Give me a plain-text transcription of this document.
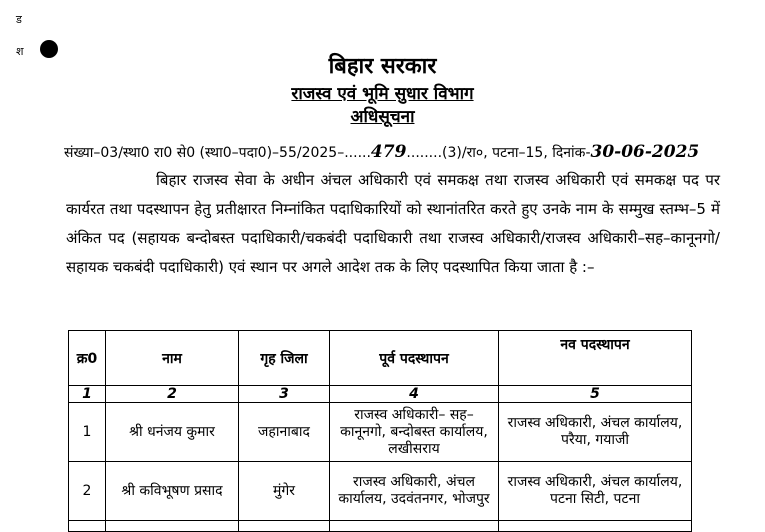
ड
श
बिहार सरकार
राजस्व एवं भूमि सुधार विभाग
अधिसूचना
संख्या–03/स्था0 रा0 से0 (स्था0–पदा0)–55/2025–......479........(3)/रा०, पटना–15, दिनांक-30-06-2025
बिहार राजस्व सेवा के अधीन अंचल अधिकारी एवं समकक्ष तथा राजस्व अधिकारी एवं समकक्ष पद पर कार्यरत तथा पदस्थापन हेतु प्रतीक्षारत निम्नांकित पदाधिकारियों को स्थानांतरित करते हुए उनके नाम के सम्मुख स्तम्भ–5 में अंकित पद (सहायक बन्दोबस्त पदाधिकारी/चकबंदी पदाधिकारी तथा राजस्व अधिकारी/राजस्व अधिकारी–सह–कानूनगो/ सहायक चकबंदी पदाधिकारी) एवं स्थान पर अगले आदेश तक के लिए पदस्थापित किया जाता है :–
क्र0	नाम	गृह जिला	पूर्व पदस्थापन	नव पदस्थापन
1	2	3	4	5
1	श्री धनंजय कुमार	जहानाबाद	राजस्व अधिकारी– सह–कानूनगो, बन्दोबस्त कार्यालय, लखीसराय	राजस्व अधिकारी, अंचल कार्यालय, परैया, गयाजी
2	श्री कविभूषण प्रसाद	मुंगेर	राजस्व अधिकारी, अंचल कार्यालय, उदवंतनगर, भोजपुर	राजस्व अधिकारी, अंचल कार्यालय, पटना सिटी, पटना
